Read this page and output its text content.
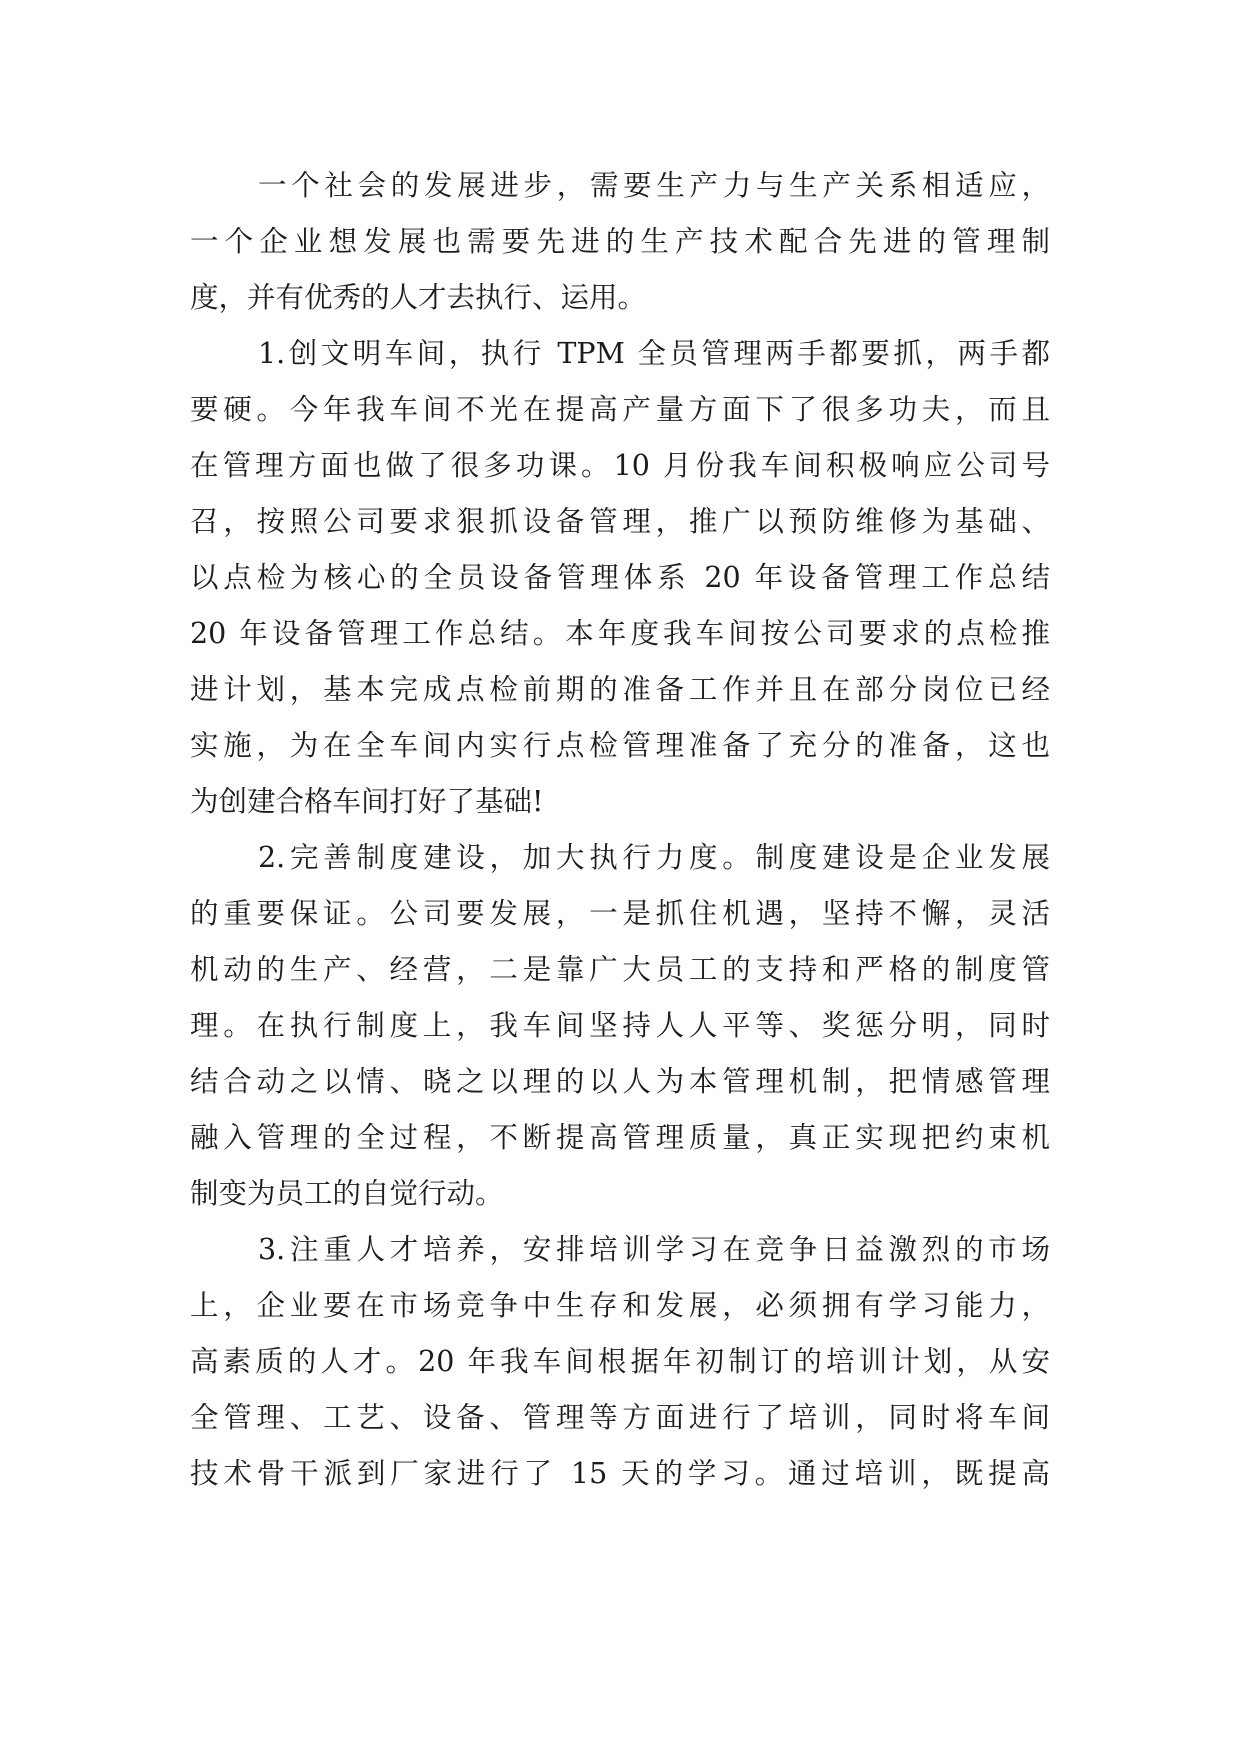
一个社会的发展进步，需要生产力与生产关系相适应，
一个企业想发展也需要先进的生产技术配合先进的管理制
度，并有优秀的人才去执行、运用。
1.创文明车间，执行 TPM 全员管理两手都要抓，两手都
要硬。今年我车间不光在提高产量方面下了很多功夫，而且
在管理方面也做了很多功课。10 月份我车间积极响应公司号
召，按照公司要求狠抓设备管理，推广以预防维修为基础、
以点检为核心的全员设备管理体系 20 年设备管理工作总结
20 年设备管理工作总结。本年度我车间按公司要求的点检推
进计划，基本完成点检前期的准备工作并且在部分岗位已经
实施，为在全车间内实行点检管理准备了充分的准备，这也
为创建合格车间打好了基础!
2.完善制度建设，加大执行力度。制度建设是企业发展
的重要保证。公司要发展，一是抓住机遇，坚持不懈，灵活
机动的生产、经营，二是靠广大员工的支持和严格的制度管
理。在执行制度上，我车间坚持人人平等、奖惩分明，同时
结合动之以情、晓之以理的以人为本管理机制，把情感管理
融入管理的全过程，不断提高管理质量，真正实现把约束机
制变为员工的自觉行动。
3.注重人才培养，安排培训学习在竞争日益激烈的市场
上，企业要在市场竞争中生存和发展，必须拥有学习能力，
高素质的人才。20 年我车间根据年初制订的培训计划，从安
全管理、工艺、设备、管理等方面进行了培训，同时将车间
技术骨干派到厂家进行了 15 天的学习。通过培训，既提高
